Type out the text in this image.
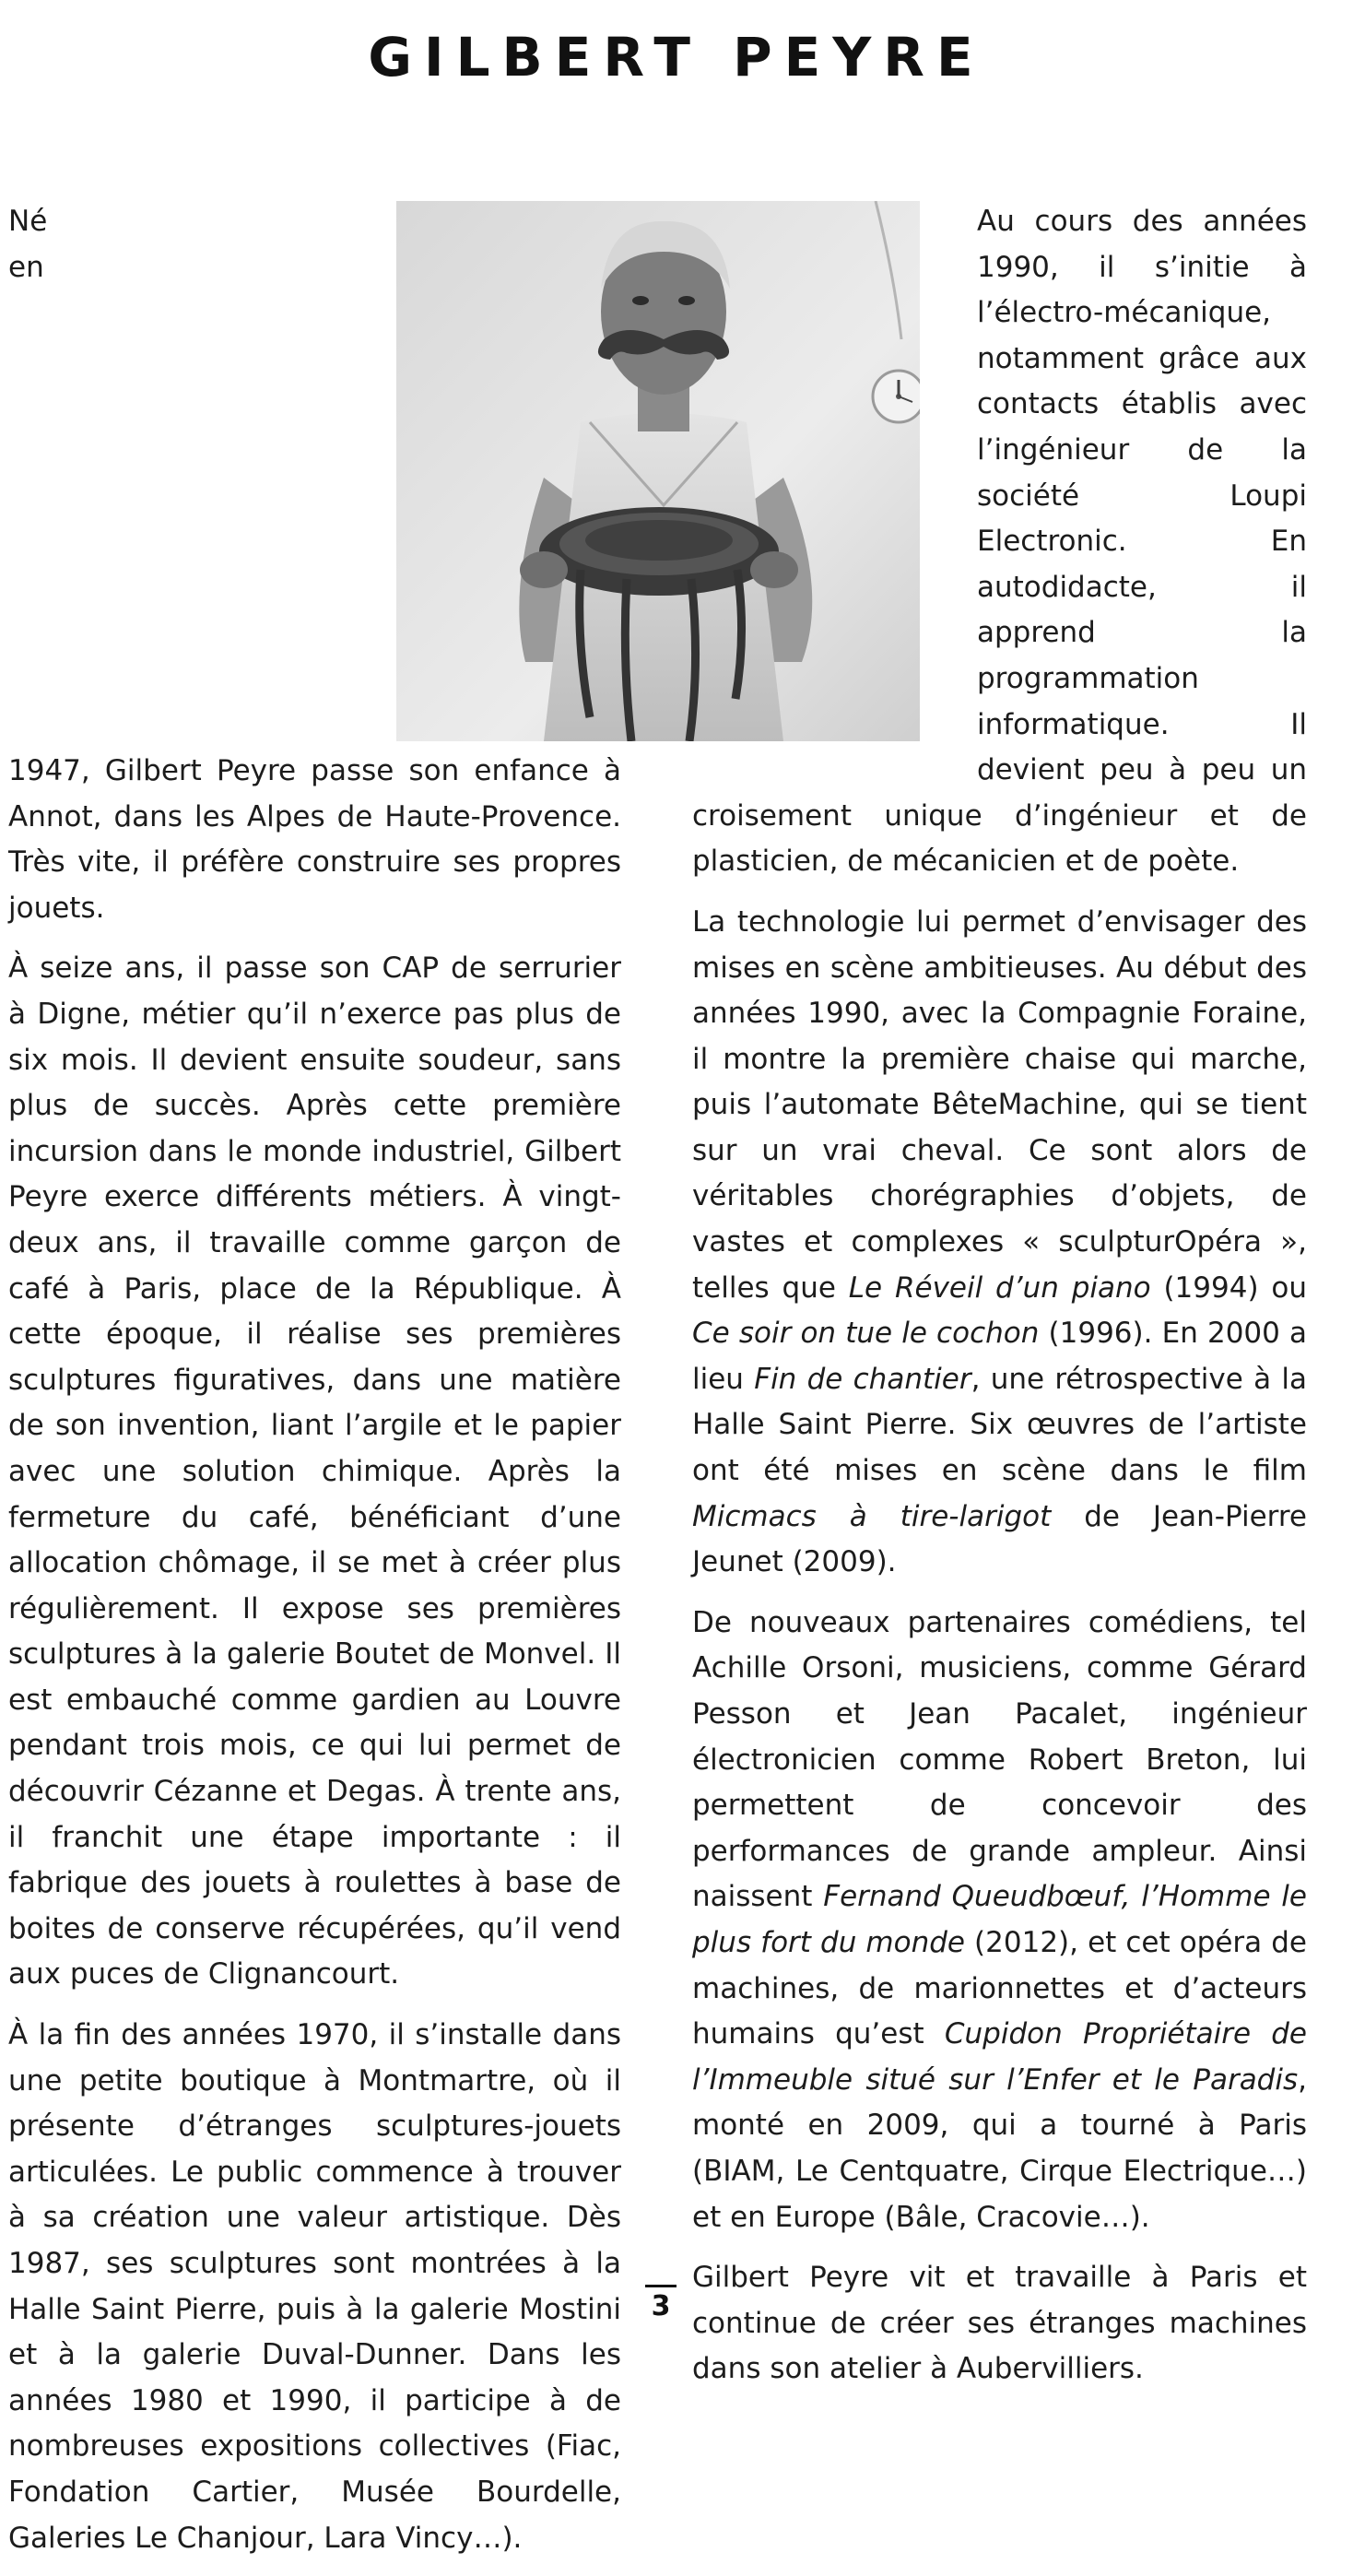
GILBERT PEYRE

Né en 1947, Gilbert Peyre passe son enfance à Annot, dans les Alpes de Haute-Provence. Très vite, il préfère construire ses propres jouets.

À seize ans, il passe son CAP de serrurier à Digne, métier qu’il n’exerce pas plus de six mois. Il devient ensuite soudeur, sans plus de succès. Après cette première incursion dans le monde industriel, Gilbert Peyre exerce différents métiers. À vingt-deux ans, il travaille comme garçon de café à Paris, place de la République. À cette époque, il réalise ses premières sculptures figuratives, dans une matière de son invention, liant l’argile et le papier avec une solution chimique. Après la fermeture du café, bénéficiant d’une allocation chômage, il se met à créer plus régulièrement. Il expose ses premières sculptures à la galerie Boutet de Monvel. Il est embauché comme gardien au Louvre pendant trois mois, ce qui lui permet de découvrir Cézanne et Degas. À trente ans, il franchit une étape importante : il fabrique des jouets à roulettes à base de boites de conserve récupérées, qu’il vend aux puces de Clignancourt.

À la fin des années 1970, il s’installe dans une petite boutique à Montmartre, où il présente d’étranges sculptures-jouets articulées. Le public commence à trouver à sa création une valeur artistique. Dès 1987, ses sculptures sont montrées à la Halle Saint Pierre, puis à la galerie Mostini et à la galerie Duval-Dunner. Dans les années 1980 et 1990, il participe à de nombreuses expositions collectives (Fiac, Fondation Cartier, Musée Bourdelle, Galeries Le Chanjour, Lara Vincy…).

Au cours des années 1990, il s’initie à l’électro-mécanique, notamment grâce aux contacts établis avec l’ingénieur de la société Loupi Electronic. En autodidacte, il apprend la programmation informatique. Il devient peu à peu un croisement unique d’ingénieur et de plasticien, de mécanicien et de poète.

La technologie lui permet d’envisager des mises en scène ambitieuses. Au début des années 1990, avec la Compagnie Foraine, il montre la première chaise qui marche, puis l’automate BêteMachine, qui se tient sur un vrai cheval. Ce sont alors de véritables chorégraphies d’objets, de vastes et complexes « sculpturOpéra », telles que Le Réveil d’un piano (1994) ou Ce soir on tue le cochon (1996). En 2000 a lieu Fin de chantier, une rétrospective à la Halle Saint Pierre. Six œuvres de l’artiste ont été mises en scène dans le film Micmacs à tire-larigot de Jean-Pierre Jeunet (2009).

De nouveaux partenaires comédiens, tel Achille Orsoni, musiciens, comme Gérard Pesson et Jean Pacalet, ingénieur électronicien comme Robert Breton, lui permettent de concevoir des performances de grande ampleur. Ainsi naissent Fernand Queudbœuf, l’Homme le plus fort du monde (2012), et cet opéra de machines, de marionnettes et d’acteurs humains qu’est Cupidon Propriétaire de l’Immeuble situé sur l’Enfer et le Paradis, monté en 2009, qui a tourné à Paris (BIAM, Le Centquatre, Cirque Electrique…) et en Europe (Bâle, Cracovie…).

Gilbert Peyre vit et travaille à Paris et continue de créer ses étranges machines dans son atelier à Aubervilliers.

3
